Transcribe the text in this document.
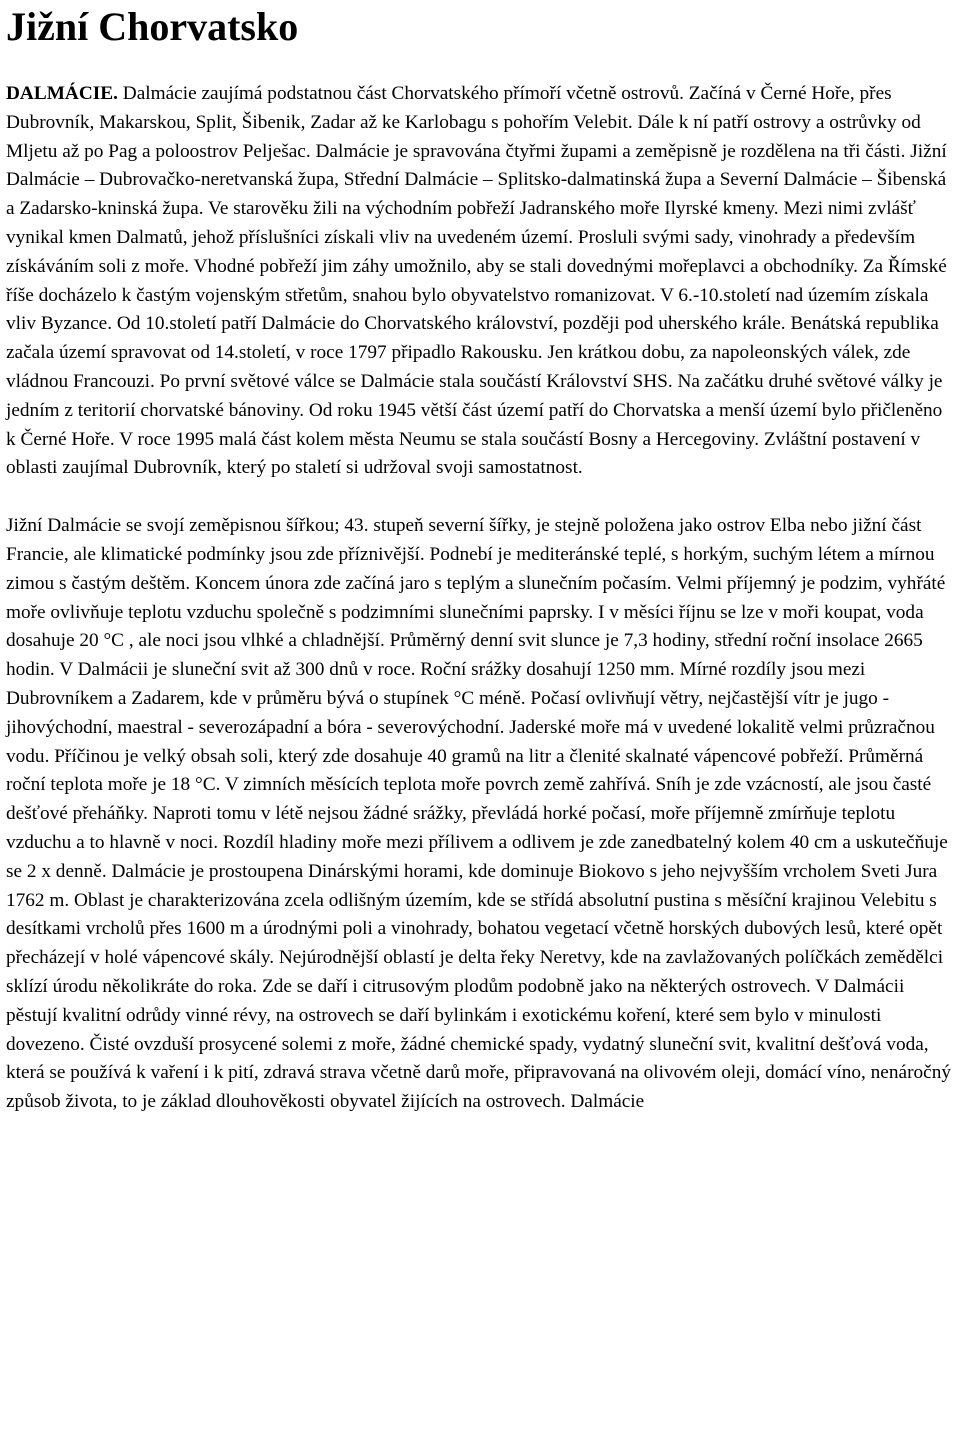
Jižní Chorvatsko

DALMÁCIE. Dalmácie zaujímá podstatnou část Chorvatského přímoří včetně ostrovů. Začíná v Černé Hoře, přes Dubrovník, Makarskou, Split, Šibenik, Zadar až ke Karlobagu s pohořím Velebit. Dále k ní patří ostrovy a ostrůvky od Mljetu až po Pag a poloostrov Pelješac. Dalmácie je spravována čtyřmi župami a zeměpisně je rozdělena na tři části. Jižní Dalmácie – Dubrovačko-neretvanská župa, Střední Dalmácie – Splitsko-dalmatinská župa a Severní Dalmácie – Šibenská a Zadarsko-kninská župa. Ve starověku žili na východním pobřeží Jadranského moře Ilyrské kmeny. Mezi nimi zvlášť vynikal kmen Dalmatů, jehož příslušníci získali vliv na uvedeném území. Prosluli svými sady, vinohrady a především získáváním soli z moře. Vhodné pobřeží jim záhy umožnilo, aby se stali dovednými mořeplavci a obchodníky. Za Římské říše docházelo k častým vojenským střetům, snahou bylo obyvatelstvo romanizovat. V 6.-10.století nad územím získala vliv Byzance. Od 10.století patří Dalmácie do Chorvatského království, později pod uherského krále. Benátská republika začala území spravovat od 14.století, v roce 1797 připadlo Rakousku. Jen krátkou dobu, za napoleonských válek, zde vládnou Francouzi. Po první světové válce se Dalmácie stala součástí Království SHS. Na začátku druhé světové války je jedním z teritorií chorvatské bánoviny. Od roku 1945 větší část území patří do Chorvatska a menší území bylo přičleněno k Černé Hoře. V roce 1995 malá část kolem města Neumu se stala součástí Bosny a Hercegoviny. Zvláštní postavení v oblasti zaujímal Dubrovník, který po staletí si udržoval svoji samostatnost.

Jižní Dalmácie se svojí zeměpisnou šířkou; 43. stupeň severní šířky, je stejně položena jako ostrov Elba nebo jižní část Francie, ale klimatické podmínky jsou zde příznivější. Podnebí je mediteránské teplé, s horkým, suchým létem a mírnou zimou s častým deštěm. Koncem února zde začíná jaro s teplým a slunečním počasím. Velmi příjemný je podzim, vyhřáté moře ovlivňuje teplotu vzduchu společně s podzimními slunečními paprsky. I v měsíci říjnu se lze v moři koupat, voda dosahuje 20 °C , ale noci jsou vlhké a chladnější. Průměrný denní svit slunce je 7,3 hodiny, střední roční insolace 2665 hodin. V Dalmácii je sluneční svit až 300 dnů v roce. Roční srážky dosahují 1250 mm. Mírné rozdíly jsou mezi Dubrovníkem a Zadarem, kde v průměru bývá o stupínek °C méně. Počasí ovlivňují větry, nejčastější vítr je jugo - jihovýchodní, maestral - severozápadní a bóra - severovýchodní. Jaderské moře má v uvedené lokalitě velmi průzračnou vodu. Příčinou je velký obsah soli, který zde dosahuje 40 gramů na litr a členité skalnaté vápencové pobřeží. Průměrná roční teplota moře je 18 °C. V zimních měsících teplota moře povrch země zahřívá. Sníh je zde vzácností, ale jsou časté dešťové přeháňky. Naproti tomu v létě nejsou žádné srážky, převládá horké počasí, moře příjemně zmírňuje teplotu vzduchu a to hlavně v noci. Rozdíl hladiny moře mezi přílivem a odlivem je zde zanedbatelný kolem 40 cm a uskutečňuje se 2 x denně. Dalmácie je prostoupena Dinárskými horami, kde dominuje Biokovo s jeho nejvyšším vrcholem Sveti Jura 1762 m. Oblast je charakterizována zcela odlišným územím, kde se střídá absolutní pustina s měsíční krajinou Velebitu s desítkami vrcholů přes 1600 m a úrodnými poli a vinohrady, bohatou vegetací včetně horských dubových lesů, které opět přecházejí v holé vápencové skály. Nejúrodnější oblastí je delta řeky Neretvy, kde na zavlažovaných políčkách zemědělci sklízí úrodu několikráte do roka. Zde se daří i citrusovým plodům podobně jako na některých ostrovech. V Dalmácii pěstují kvalitní odrůdy vinné révy, na ostrovech se daří bylinkám i exotickému koření, které sem bylo v minulosti dovezeno. Čisté ovzduší prosycené solemi z moře, žádné chemické spady, vydatný sluneční svit, kvalitní dešťová voda, která se používá k vaření i k pití, zdravá strava včetně darů moře, připravovaná na olivovém oleji, domácí víno, nenáročný způsob života, to je základ dlouhověkosti obyvatel žijících na ostrovech. Dalmácie
